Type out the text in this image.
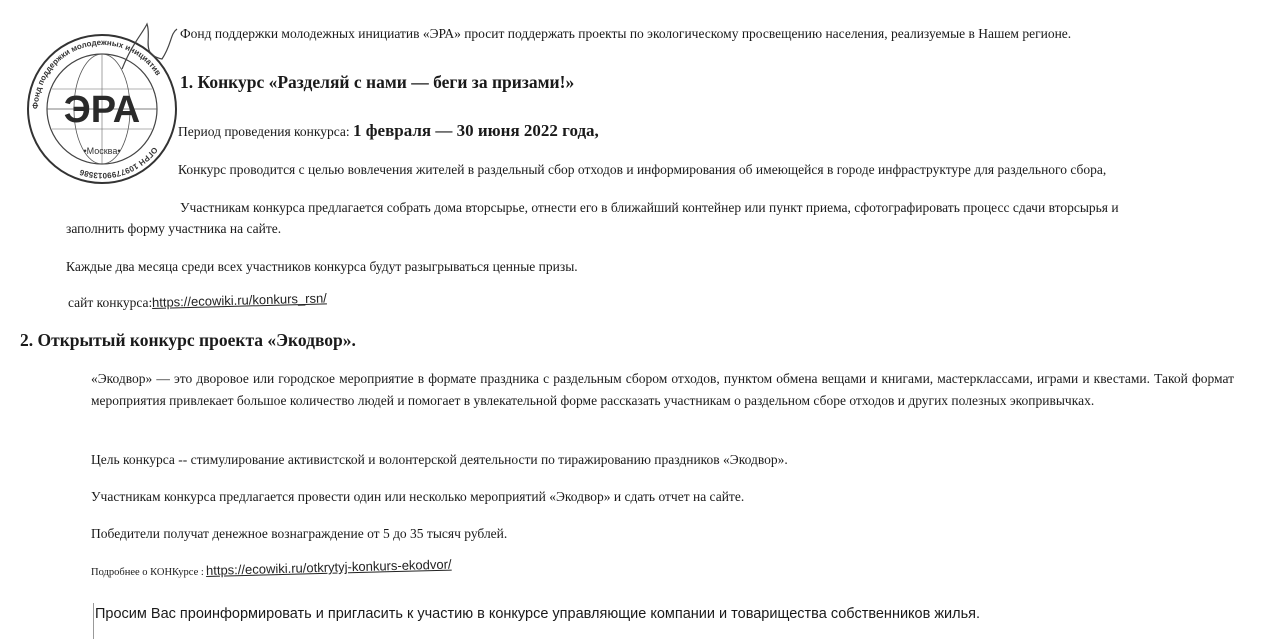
ЭРА
•Москва•
Фонд поддержки молодежных инициатив
ОГРН 1097799013586
Фонд поддержки молодежных инициатив «ЭРА» просит поддержать проекты по экологическому просвещению населения, реализуемые в Нашем регионе.
1. Конкурс «Разделяй с нами — беги за призами!»
Период проведения конкурса: 1 февраля — 30 июня 2022 года,
Конкурс проводится с целью вовлечения жителей в раздельный сбор отходов и информирования об имеющейся в городе инфраструктуре для раздельного сбора,
Участникам конкурса предлагается собрать дома вторсырье, отнести его в ближайший контейнер или пункт приема, сфотографировать процесс сдачи вторсырья и
заполнить форму участника на сайте.
Каждые два месяца среди всех участников конкурса будут разыгрываться ценные призы.
сайт конкурса:https://ecowiki.ru/konkurs_rsn/
2. Открытый конкурс проекта «Экодвор».
«Экодвор» — это дворовое или городское мероприятие в формате праздника с раздельным сбором отходов, пунктом обмена вещами и книгами, мастерклассами, играми и квестами. Такой формат мероприятия привлекает большое количество людей и помогает в увлекательной форме рассказать участникам о раздельном сборе отходов и других полезных экопривычках.
Цель конкурса -- стимулирование активистской и волонтерской деятельности по тиражированию праздников «Экодвор».
Участникам конкурса предлагается провести один или несколько мероприятий «Экодвор» и сдать отчет на сайте.
Победители получат денежное вознаграждение от 5 до 35 тысяч рублей.
Подробнее о КОНКурсе : https://ecowiki.ru/otkrytyj-konkurs-ekodvor/
Просим Вас проинформировать и пригласить к участию в конкурсе управляющие компании и товарищества собственников жилья.
